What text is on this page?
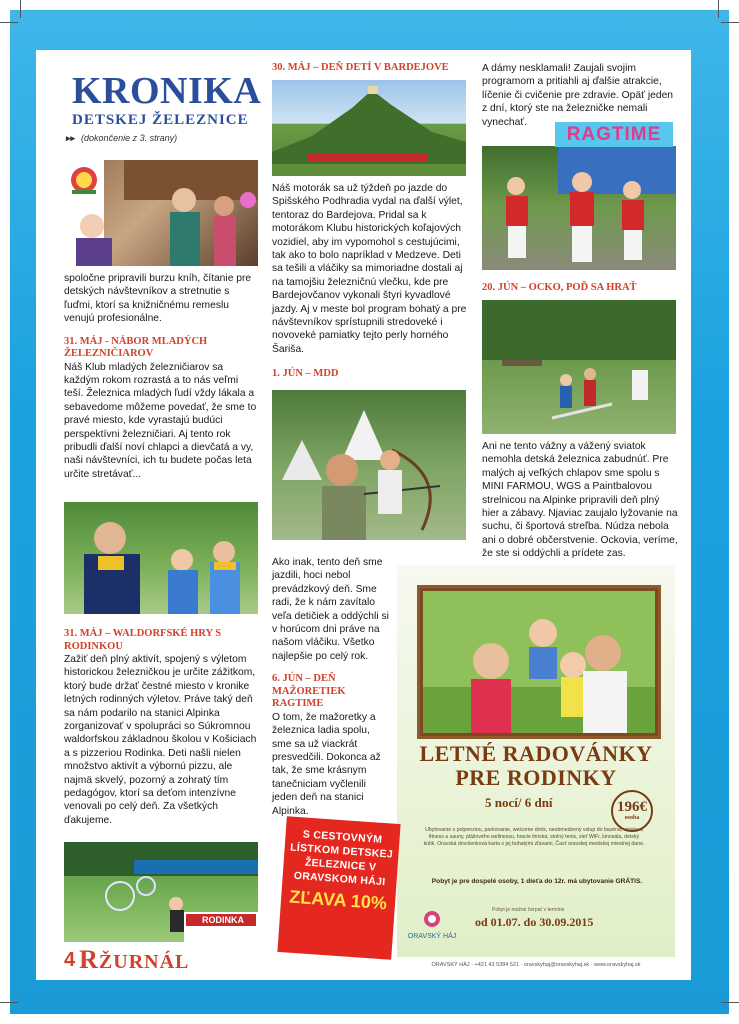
KRONIKA
DETSKEJ ŽELEZNICE
▸▸ (dokončenie z 3. strany)
RODINKA

spoločne pripravili burzu kníh, čítanie pre detských návštevníkov a stretnutie s ľuďmi, ktorí sa knižničnému remeslu venujú profesionálne.

31. MÁJ - NÁBOR MLADÝCH ŽELEZNIČIAROV

Náš Klub mladých železničiarov sa každým rokom rozrastá a to nás veľmi teší. Železnica mladých ľudí vždy lákala a sebavedome môžeme povedať, že sme to pravé miesto, kde vyrastajú budúci perspektívni železničiari. Aj tento rok pribudli ďalší noví chlapci a dievčatá a vy, naši návštevníci, ich tu budete počas leta určite stretávať...

31. MÁJ – WALDORFSKÉ HRY S RODINKOU

Zažiť deň plný aktivít, spojený s výletom historickou železničkou je určite zážitkom, ktorý bude držať čestné miesto v kronike letných rodinných výletov. Práve taký deň sa nám podarilo na stanici Alpinka zorganizovať v spolupráci so Súkromnou waldorfskou základnou školou v Košiciach a s pizzeriou Rodinka. Deti našli nielen množstvo aktivít a výbornú pizzu, ale najmä skvelý, pozorný a zohratý tím pedagógov, ktorí sa deťom intenzívne venovali po celý deň. Za všetkých ďakujeme.

30. MÁJ – DEŇ DETÍ V BARDEJOVE

Náš motorák sa už týždeň po jazde do Spišského Podhradia vydal na ďalší výlet, tentoraz do Bardejova. Pridal sa k motorákom Klubu historických koľajových vozidiel, aby im vypomohol s cestujúcimi, tak ako to bolo napríklad v Medzeve. Deti sa tešili a vláčiky sa mimoriadne dostali aj na tamojšiu železničnú vlečku, kde pre Bardejovčanov vykonali štyri kyvadlové jazdy. Aj v meste bol program bohatý a pre návštevníkov sprístupnili stredoveké i novoveké pamiatky tejto perly horného Šariša.

1. JÚN – MDD

Ako inak, tento deň sme jazdili, hoci nebol prevádzkový deň. Sme radi, že k nám zavítalo veľa detičiek a oddýchli si v horúcom dni práve na našom vláčiku. Všetko najlepšie po celý rok.

6. JÚN – DEŇ MAŽORETIEK RAGTIME

O tom, že mažoretky a železnica ladia spolu, sme sa už viackrát presvedčili. Dokonca až tak, že sme krásnym tanečniciam vyčlenili jeden deň na stanici Alpinka.

A dámy nesklamali! Zaujali svojim programom a pritiahli aj ďalšie atrakcie, líčenie či cvičenie pre zdravie. Opäť jeden z dní, ktorý ste na železničke nemali vynechať.

RAGTIME

20. JÚN – OCKO, POĎ SA HRAŤ

Ani ne tento vážny a vážený sviatok nemohla detská železnica zabudnúť. Pre malých aj veľkých chlapov sme spolu s MINI FARMOU, WGS a Paintbalovou strelnicou na Alpinke pripravili deň plný hier a zábavy. Njaviac zaujalo lyžovanie na suchu, či športová streľba. Núdza nebola ani o dobré občerstvenie. Ockovia, veríme, že ste si oddýchli a prídete zas.

LETNÉ RADOVÁNKY
PRE RODINKY
5 nocí/ 6 dní	196€
osoba
Ubytovanie s polpenziou, parkovanie, welcome drink, neobmedzený vstup do bazéna, vírivky a fitness a sauny, plážového wellnessu, hracie ihriská, stolný tenis, sieť WiFi, kinosála, detský kútik. Oravská dovolenková karta s jej bohatými zľavami, Časť oravskej mestskej miestnej dane.
Pobyt je pre dospelé osoby, 1 dieťa do 12r. má ubytovanie GRÁTIS.
ORAVSKÝ HÁJ
Pobyt je možné čerpať v termíne
od 01.07. do 30.09.2015
ORAVSKÝ HÁJ · +421 43 5384 521 · oravskyhaj@oravskyhaj.sk · www.oravskyhaj.sk
S CESTOVNÝM LÍSTKOM DETSKEJ ŽELEZNICE V ORAVSKOM HÁJI
ZĽAVA 10%
4 RŽURNÁL
